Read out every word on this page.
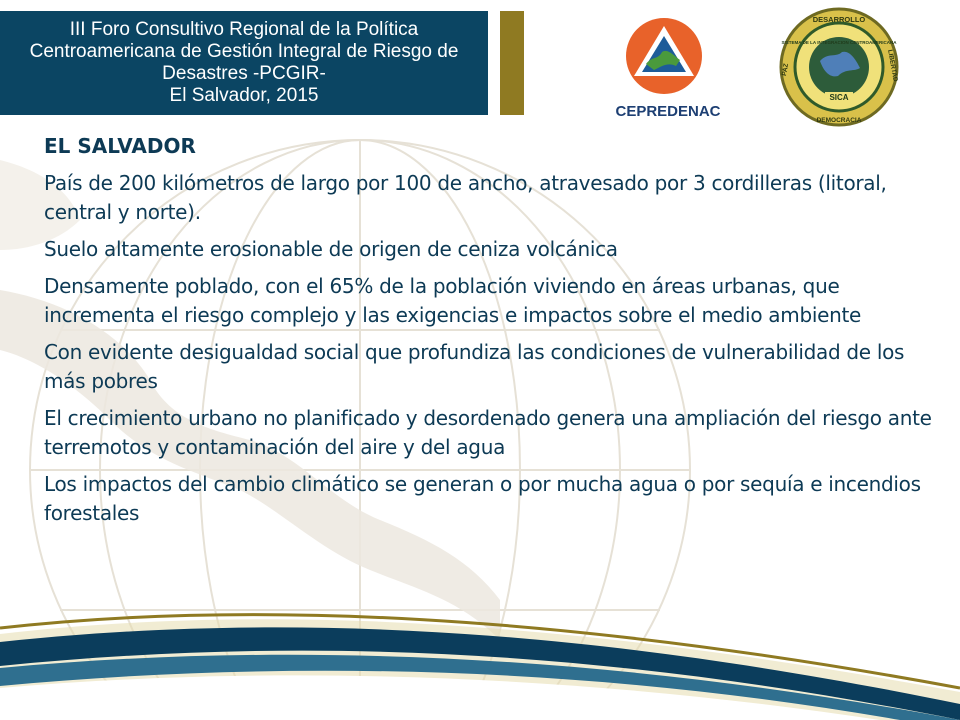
III Foro Consultivo Regional de la Política
Centroamericana de Gestión Integral de Riesgo de
Desastres -PCGIR-
El Salvador, 2015
CEPREDENAC
DESARROLLO
DEMOCRACIA
PAZ	LIBERTAD
SISTEMA DE LA INTEGRACION CENTROAMERICANA
SICA
EL SALVADOR

País de 200 kilómetros de largo por 100 de ancho, atravesado por 3 cordilleras (litoral, central y norte).

Suelo altamente erosionable de origen de ceniza volcánica

Densamente poblado, con el 65% de la población viviendo en áreas urbanas, que incrementa el riesgo complejo y las exigencias e impactos sobre el medio ambiente

Con evidente desigualdad social que profundiza las condiciones de vulnerabilidad de los más pobres

El crecimiento urbano no planificado y desordenado genera una ampliación del riesgo ante terremotos y contaminación del aire y del agua

Los impactos del cambio climático se generan o por mucha agua o por sequía e incendios forestales
